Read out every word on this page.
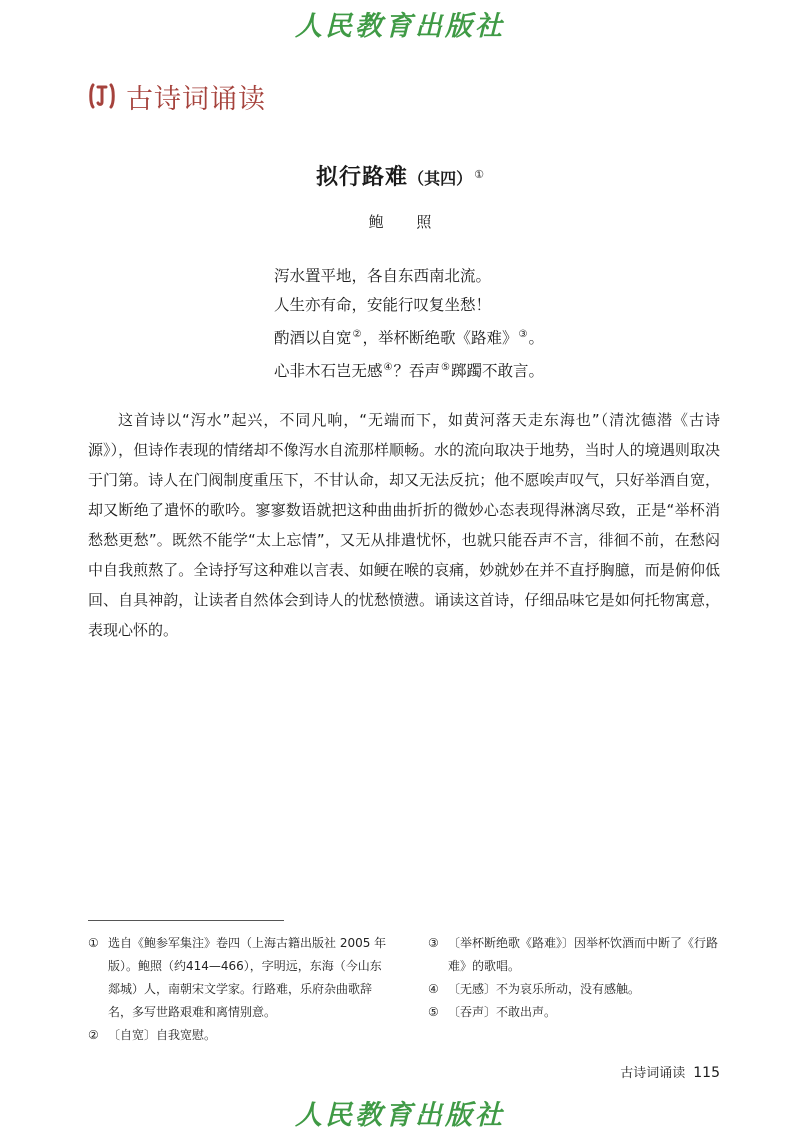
人民教育出版社
古诗词诵读
拟行路难（其四） ①
鲍 照
泻水置平地，各自东西南北流。
人生亦有命，安能行叹复坐愁！
酌酒以自宽②，举杯断绝歌《路难》③。
心非木石岂无感④？吞声⑤踯躅不敢言。

这首诗以“泻水”起兴，不同凡响，“无端而下，如黄河落天走东海也”（清沈德潜《古诗源》），但诗作表现的情绪却不像泻水自流那样顺畅。水的流向取决于地势，当时人的境遇则取决于门第。诗人在门阀制度重压下，不甘认命，却又无法反抗；他不愿唉声叹气，只好举酒自宽，却又断绝了遣怀的歌吟。寥寥数语就把这种曲曲折折的微妙心态表现得淋漓尽致，正是“举杯消愁愁更愁”。既然不能学“太上忘情”，又无从排遣忧怀，也就只能吞声不言，徘徊不前，在愁闷中自我煎熬了。全诗抒写这种难以言表、如鲠在喉的哀痛，妙就妙在并不直抒胸臆，而是俯仰低回、自具神韵，让读者自然体会到诗人的忧愁愤懑。诵读这首诗，仔细品味它是如何托物寓意，表现心怀的。

① 选自《鲍参军集注》卷四（上海古籍出版社 2005 年版）。鲍照（约414—466），字明远，东海（今山东郯城）人，南朝宋文学家。行路难，乐府杂曲歌辞名，多写世路艰难和离情别意。
② 〔自宽〕自我宽慰。
③ 〔举杯断绝歌《路难》〕因举杯饮酒而中断了《行路难》的歌唱。
④ 〔无感〕不为哀乐所动，没有感触。
⑤ 〔吞声〕不敢出声。
古诗词诵读 115
人民教育出版社
